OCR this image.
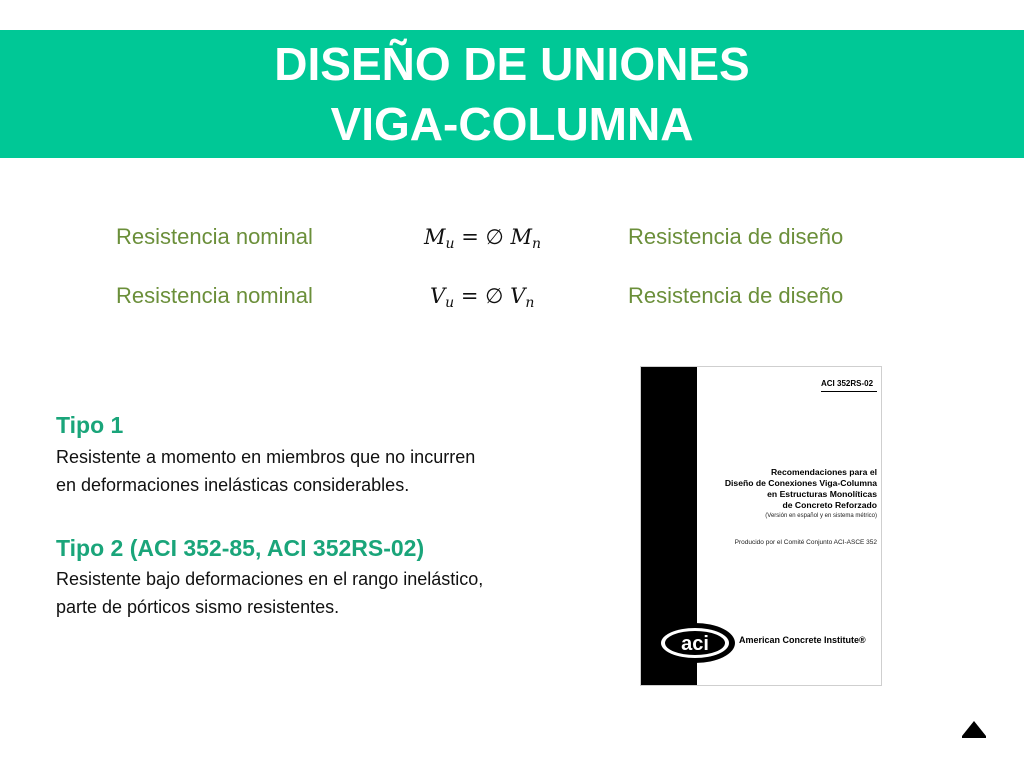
DISEÑO DE UNIONES
VIGA-COLUMNA
Resistencia nominal	$M_u$ = ∅ $M_n$	Resistencia de diseño
Resistencia nominal	$V_u$ = ∅ $V_n$	Resistencia de diseño
Tipo 1
Resistente a momento en miembros que no incurren
en deformaciones inelásticas considerables.
Tipo 2 (ACI 352-85, ACI 352RS-02)
Resistente bajo deformaciones en el rango inelástico,
parte de pórticos sismo resistentes.
ACI 352RS-02
Recomendaciones para el
Diseño de Conexiones Viga-Columna
en Estructuras Monolíticas
de Concreto Reforzado
(Versión en español y en sistema métrico)
Producido por el Comité Conjunto ACI-ASCE 352
aci	American Concrete Institute®
